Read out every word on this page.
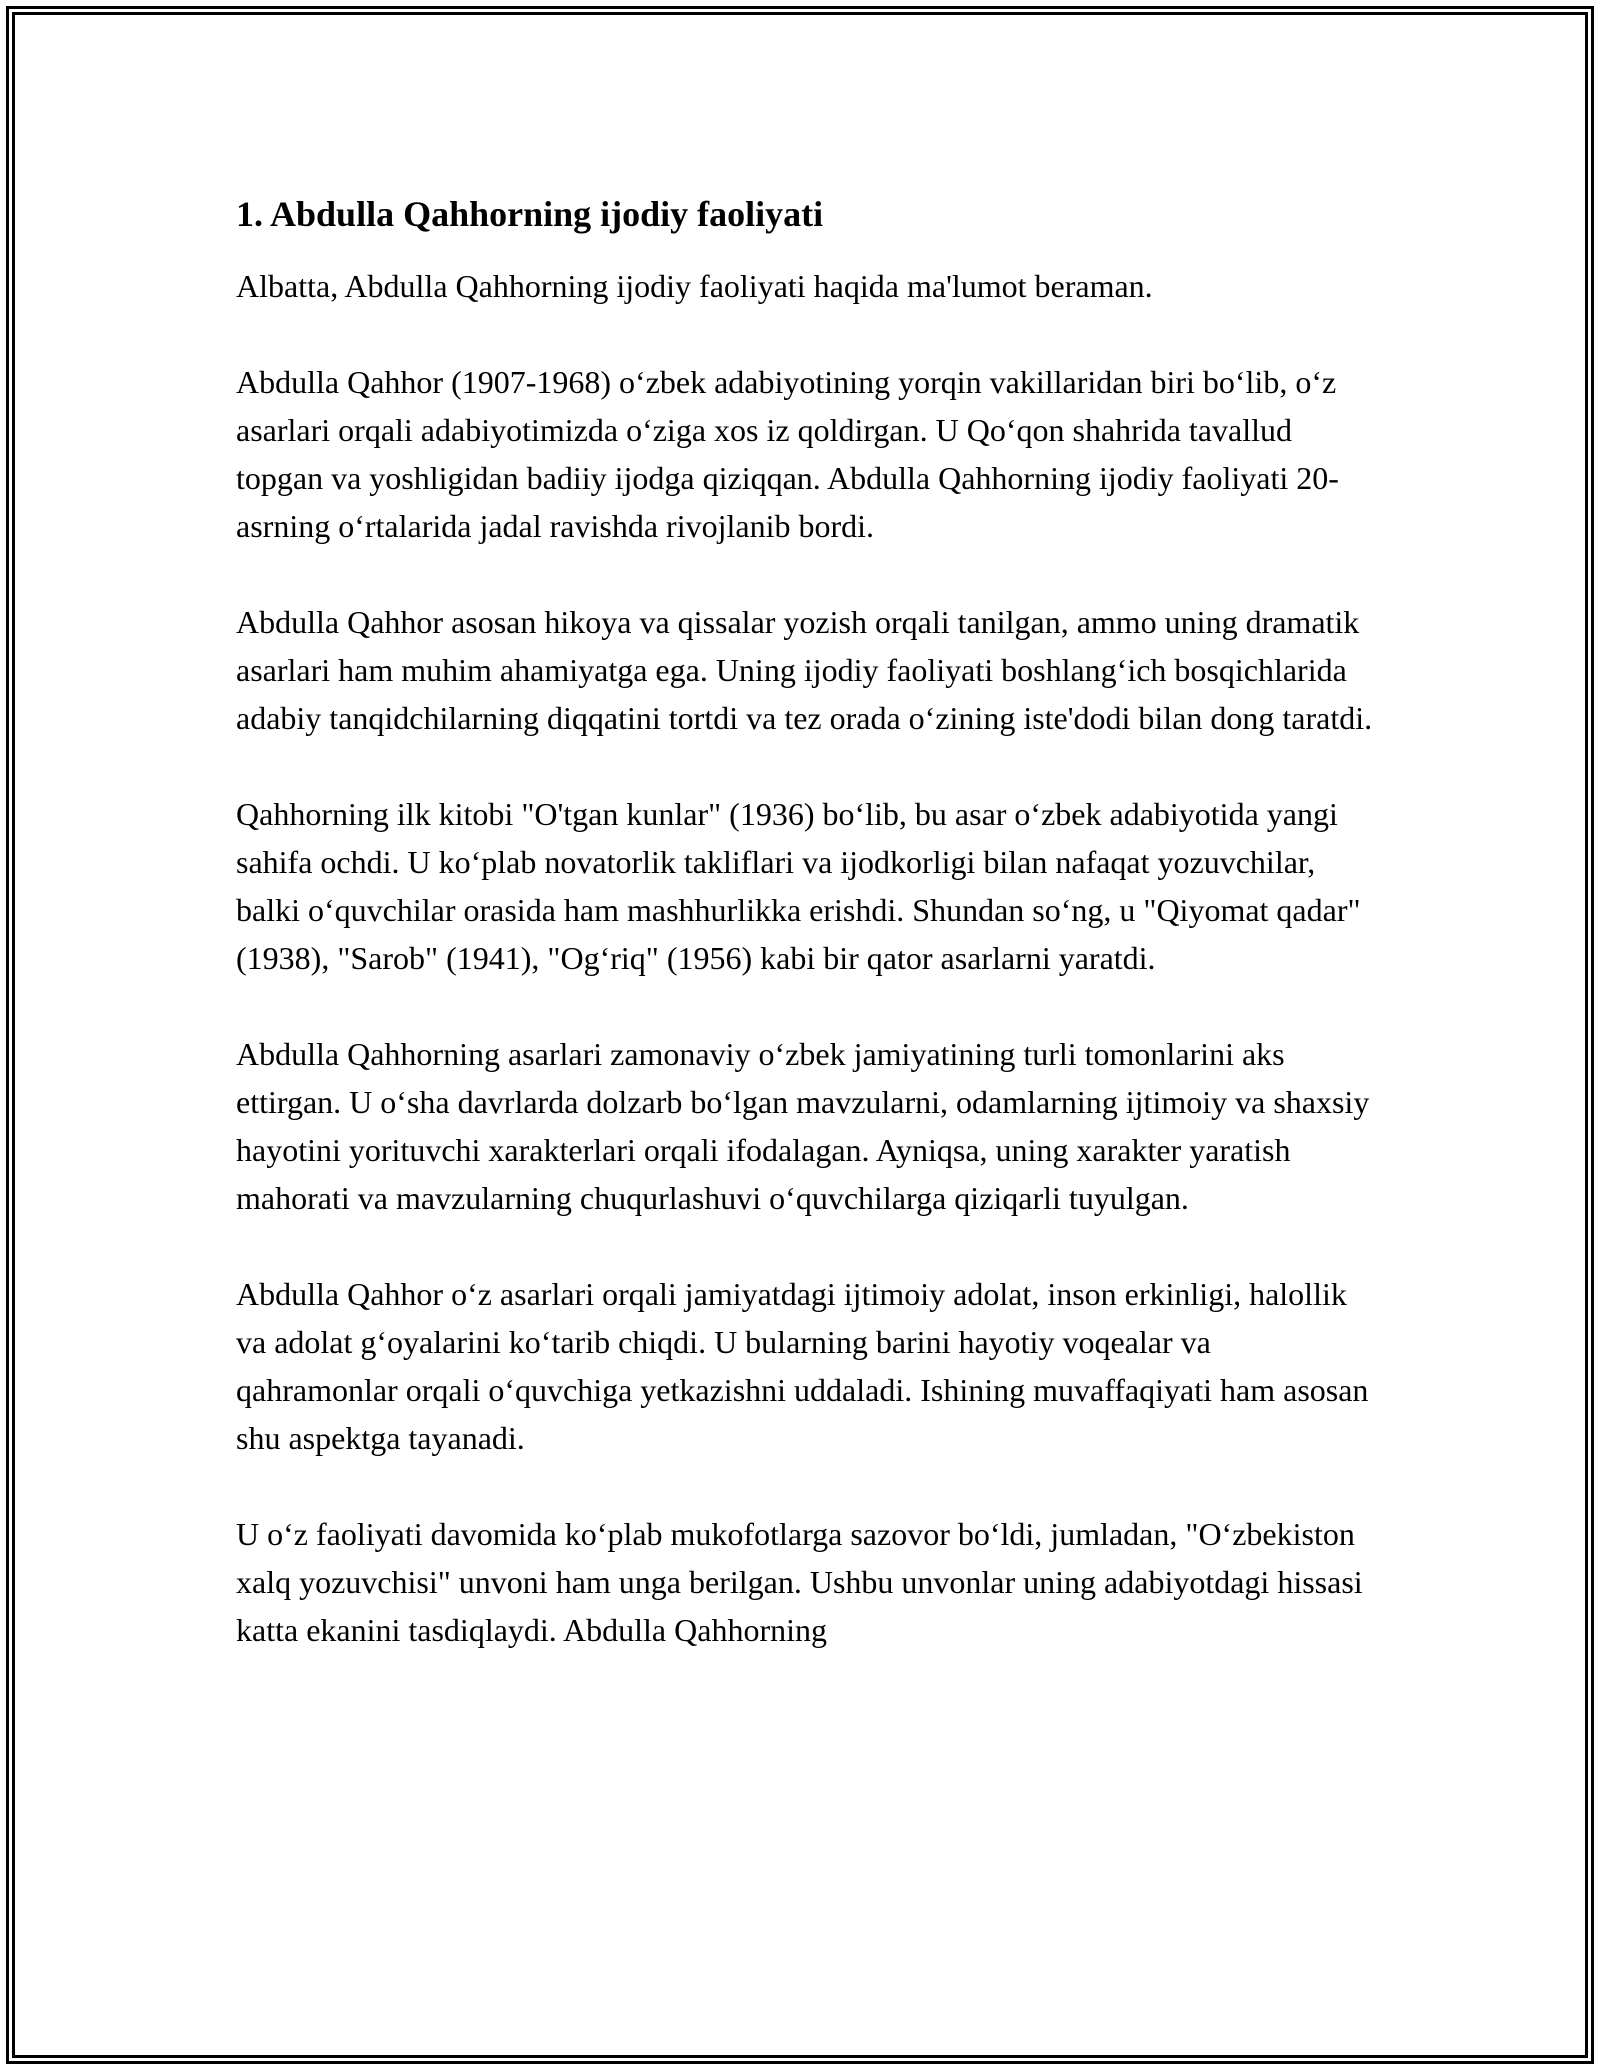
1. Abdulla Qahhorning ijodiy faoliyati

Albatta, Abdulla Qahhorning ijodiy faoliyati haqida ma'lumot beraman.

Abdulla Qahhor (1907-1968) o‘zbek adabiyotining yorqin vakillaridan biri bo‘lib, o‘z asarlari orqali adabiyotimizda o‘ziga xos iz qoldirgan. U Qo‘qon shahrida tavallud topgan va yoshligidan badiiy ijodga qiziqqan. Abdulla Qahhorning ijodiy faoliyati 20-asrning o‘rtalarida jadal ravishda rivojlanib bordi.

Abdulla Qahhor asosan hikoya va qissalar yozish orqali tanilgan, ammo uning dramatik asarlari ham muhim ahamiyatga ega. Uning ijodiy faoliyati boshlang‘ich bosqichlarida adabiy tanqidchilarning diqqatini tortdi va tez orada o‘zining iste'dodi bilan dong taratdi.

Qahhorning ilk kitobi "O'tgan kunlar" (1936) bo‘lib, bu asar o‘zbek adabiyotida yangi sahifa ochdi. U ko‘plab novatorlik takliflari va ijodkorligi bilan nafaqat yozuvchilar, balki o‘quvchilar orasida ham mashhurlikka erishdi. Shundan so‘ng, u "Qiyomat qadar" (1938), "Sarob" (1941), "Og‘riq" (1956) kabi bir qator asarlarni yaratdi.

Abdulla Qahhorning asarlari zamonaviy o‘zbek jamiyatining turli tomonlarini aks ettirgan. U o‘sha davrlarda dolzarb bo‘lgan mavzularni, odamlarning ijtimoiy va shaxsiy hayotini yorituvchi xarakterlari orqali ifodalagan. Ayniqsa, uning xarakter yaratish mahorati va mavzularning chuqurlashuvi o‘quvchilarga qiziqarli tuyulgan.

Abdulla Qahhor o‘z asarlari orqali jamiyatdagi ijtimoiy adolat, inson erkinligi, halollik va adolat g‘oyalarini ko‘tarib chiqdi. U bularning barini hayotiy voqealar va qahramonlar orqali o‘quvchiga yetkazishni uddaladi. Ishining muvaffaqiyati ham asosan shu aspektga tayanadi.

U o‘z faoliyati davomida ko‘plab mukofotlarga sazovor bo‘ldi, jumladan, "O‘zbekiston xalq yozuvchisi" unvoni ham unga berilgan. Ushbu unvonlar uning adabiyotdagi hissasi katta ekanini tasdiqlaydi. Abdulla Qahhorning
